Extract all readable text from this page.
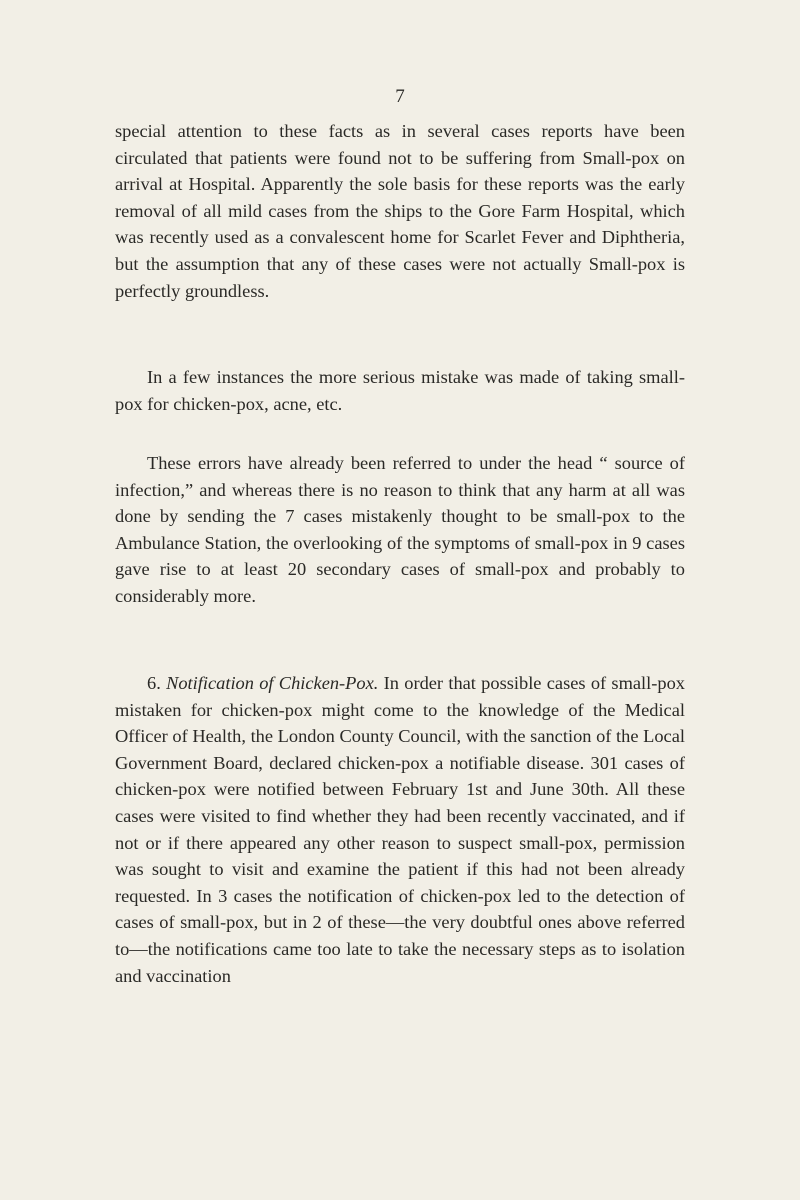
7

special attention to these facts as in several cases reports have been circulated that patients were found not to be suffering from Small-pox on arrival at Hospital. Apparently the sole basis for these reports was the early removal of all mild cases from the ships to the Gore Farm Hospital, which was recently used as a convalescent home for Scarlet Fever and Diphtheria, but the assumption that any of these cases were not actually Small-pox is perfectly groundless.

In a few instances the more serious mistake was made of taking small-pox for chicken-pox, acne, etc.

These errors have already been referred to under the head “ source of infection,” and whereas there is no reason to think that any harm at all was done by sending the 7 cases mistakenly thought to be small-pox to the Ambulance Station, the overlooking of the symptoms of small-pox in 9 cases gave rise to at least 20 secondary cases of small-pox and probably to considerably more.

6. Notification of Chicken-Pox. In order that possible cases of small-pox mistaken for chicken-pox might come to the knowledge of the Medical Officer of Health, the London County Council, with the sanction of the Local Government Board, declared chicken-pox a notifiable disease. 301 cases of chicken-pox were notified between February 1st and June 30th. All these cases were visited to find whether they had been recently vaccinated, and if not or if there appeared any other reason to suspect small-pox, permission was sought to visit and examine the patient if this had not been already requested. In 3 cases the notification of chicken-pox led to the detection of cases of small-pox, but in 2 of these—the very doubtful ones above referred to—the notifications came too late to take the necessary steps as to isolation and vaccination
